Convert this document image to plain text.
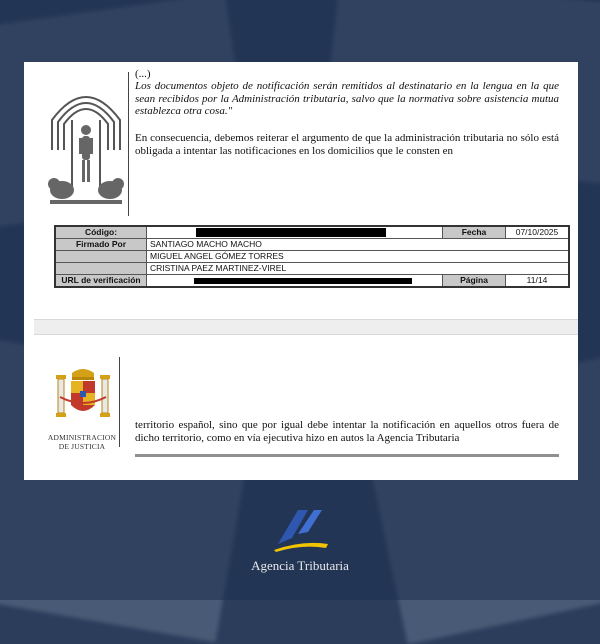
(...)
Los documentos objeto de notificación serán remitidos al destinatario en la lengua en la que sean recibidos por la Administración tributaria, salvo que la normativa sobre asistencia mutua establezca otra cosa."
En consecuencia, debemos reiterar el argumento de que la administración tributaria no sólo está obligada a intentar las notificaciones en los domicilios que le consten en
Código:		Fecha	07/10/2025
Firmado Por	SANTIAGO MACHO MACHO		
	MIGUEL ANGEL GÓMEZ TORRES		
	CRISTINA PAEZ MARTINEZ-VIREL		
URL de verificación		Página	11/14
ADMINISTRACION
DE JUSTICIA
territorio español, sino que por igual debe intentar la notificación en aquellos otros fuera de dicho territorio, como en vía ejecutiva hizo en autos la Agencia Tributaria
Agencia Tributaria
